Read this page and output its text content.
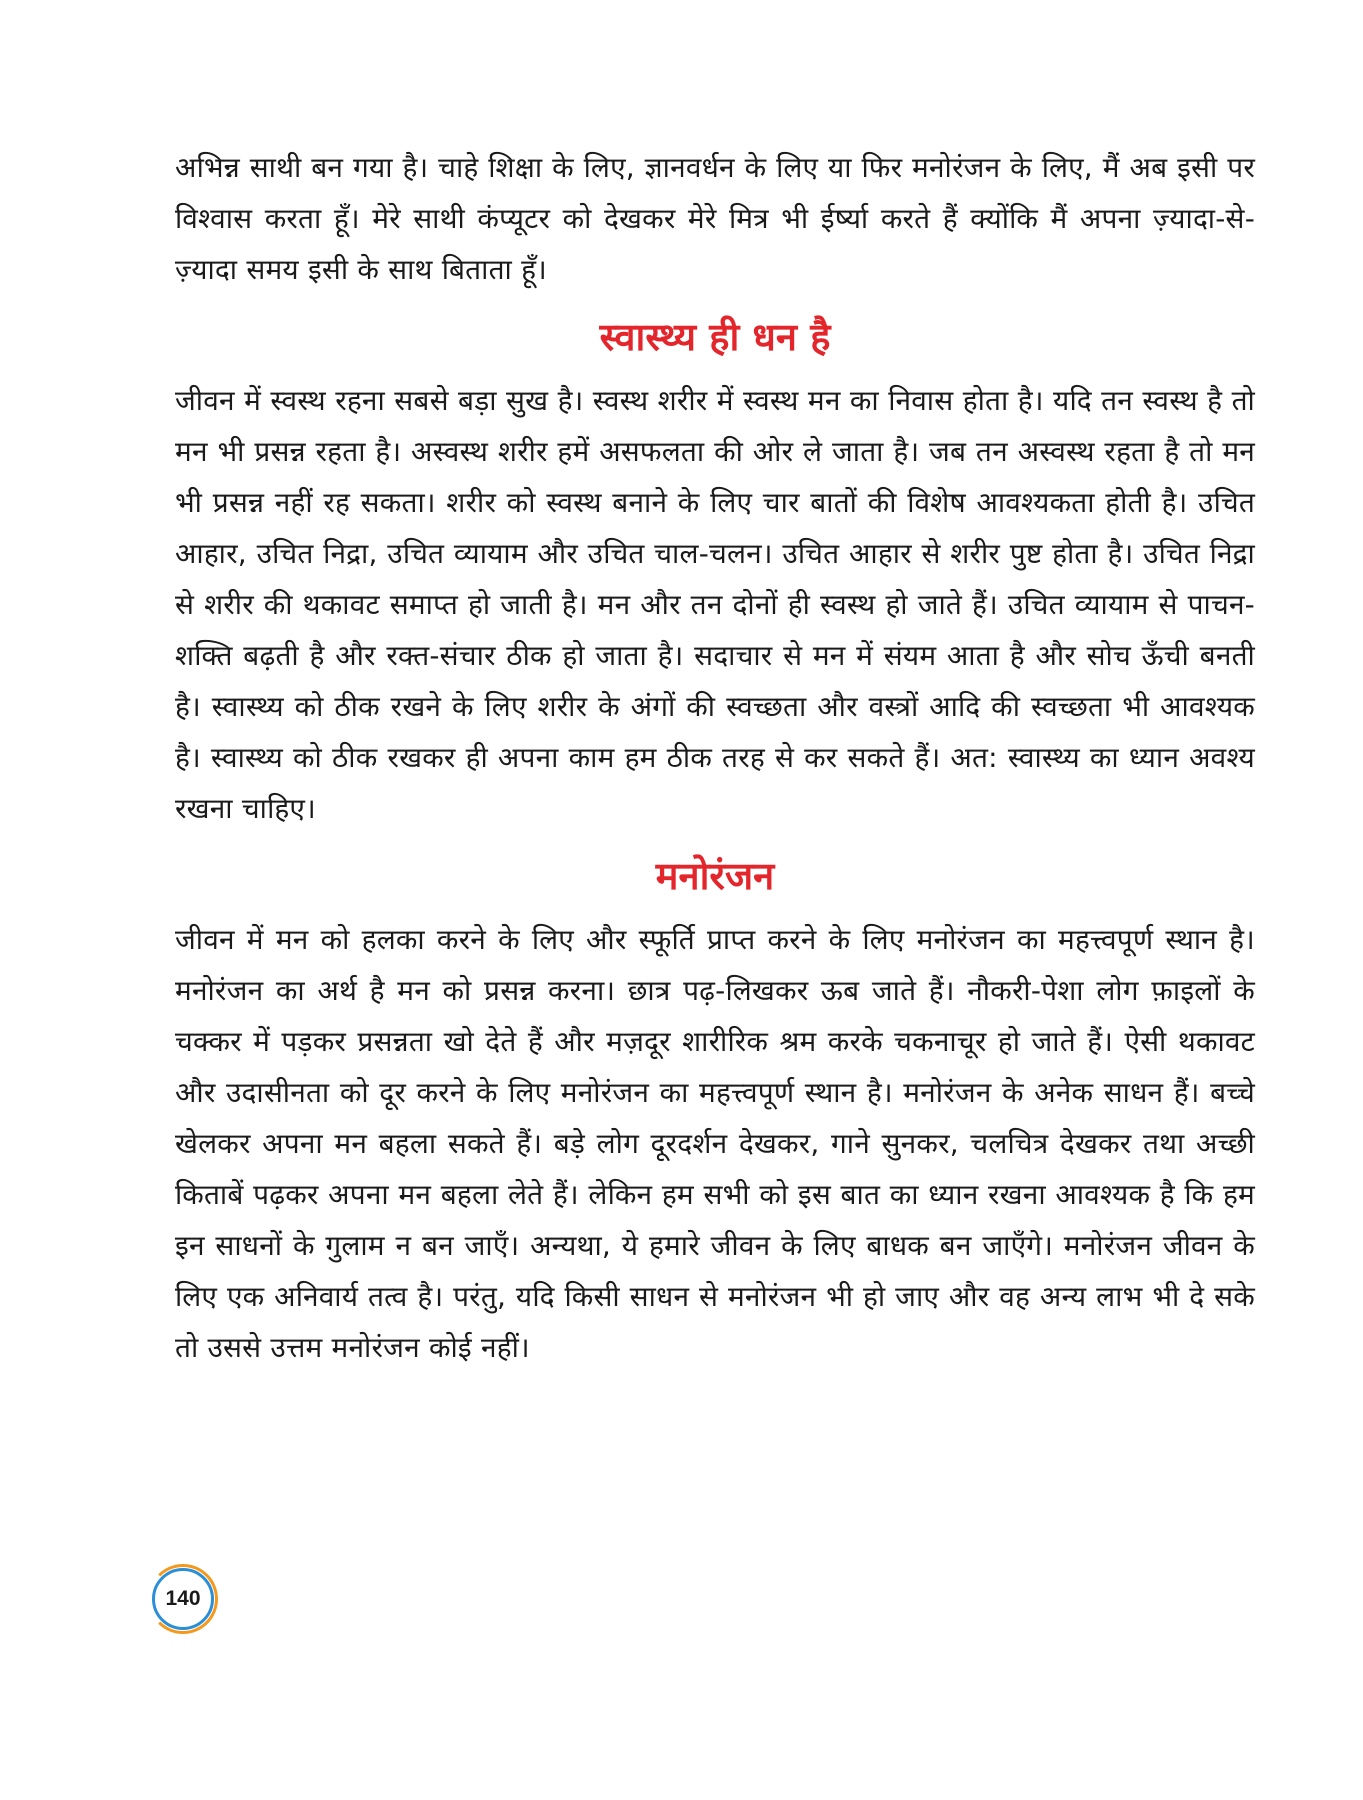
अभिन्न साथी बन गया है। चाहे शिक्षा के लिए, ज्ञानवर्धन के लिए या फिर मनोरंजन के लिए, मैं अब इसी पर विश्वास करता हूँ। मेरे साथी कंप्यूटर को देखकर मेरे मित्र भी ईर्ष्या करते हैं क्योंकि मैं अपना ज़्यादा-से-ज़्यादा समय इसी के साथ बिताता हूँ।

स्वास्थ्य ही धन है

जीवन में स्वस्थ रहना सबसे बड़ा सुख है। स्वस्थ शरीर में स्वस्थ मन का निवास होता है। यदि तन स्वस्थ है तो मन भी प्रसन्न रहता है। अस्वस्थ शरीर हमें असफलता की ओर ले जाता है। जब तन अस्वस्थ रहता है तो मन भी प्रसन्न नहीं रह सकता। शरीर को स्वस्थ बनाने के लिए चार बातों की विशेष आवश्यकता होती है। उचित आहार, उचित निद्रा, उचित व्यायाम और उचित चाल-चलन। उचित आहार से शरीर पुष्ट होता है। उचित निद्रा से शरीर की थकावट समाप्त हो जाती है। मन और तन दोनों ही स्वस्थ हो जाते हैं। उचित व्यायाम से पाचन-शक्ति बढ़ती है और रक्त-संचार ठीक हो जाता है। सदाचार से मन में संयम आता है और सोच ऊँची बनती है। स्वास्थ्य को ठीक रखने के लिए शरीर के अंगों की स्वच्छता और वस्त्रों आदि की स्वच्छता भी आवश्यक है। स्वास्थ्य को ठीक रखकर ही अपना काम हम ठीक तरह से कर सकते हैं। अत: स्वास्थ्य का ध्यान अवश्य रखना चाहिए।

मनोरंजन

जीवन में मन को हलका करने के लिए और स्फूर्ति प्राप्त करने के लिए मनोरंजन का महत्त्वपूर्ण स्थान है। मनोरंजन का अर्थ है मन को प्रसन्न करना। छात्र पढ़-लिखकर ऊब जाते हैं। नौकरी-पेशा लोग फ़ाइलों के चक्कर में पड़कर प्रसन्नता खो देते हैं और मज़दूर शारीरिक श्रम करके चकनाचूर हो जाते हैं। ऐसी थकावट और उदासीनता को दूर करने के लिए मनोरंजन का महत्त्वपूर्ण स्थान है। मनोरंजन के अनेक साधन हैं। बच्चे खेलकर अपना मन बहला सकते हैं। बड़े लोग दूरदर्शन देखकर, गाने सुनकर, चलचित्र देखकर तथा अच्छी किताबें पढ़कर अपना मन बहला लेते हैं। लेकिन हम सभी को इस बात का ध्यान रखना आवश्यक है कि हम इन साधनों के गुलाम न बन जाएँ। अन्यथा, ये हमारे जीवन के लिए बाधक बन जाएँगे। मनोरंजन जीवन के लिए एक अनिवार्य तत्व है। परंतु, यदि किसी साधन से मनोरंजन भी हो जाए और वह अन्य लाभ भी दे सके तो उससे उत्तम मनोरंजन कोई नहीं।

140
